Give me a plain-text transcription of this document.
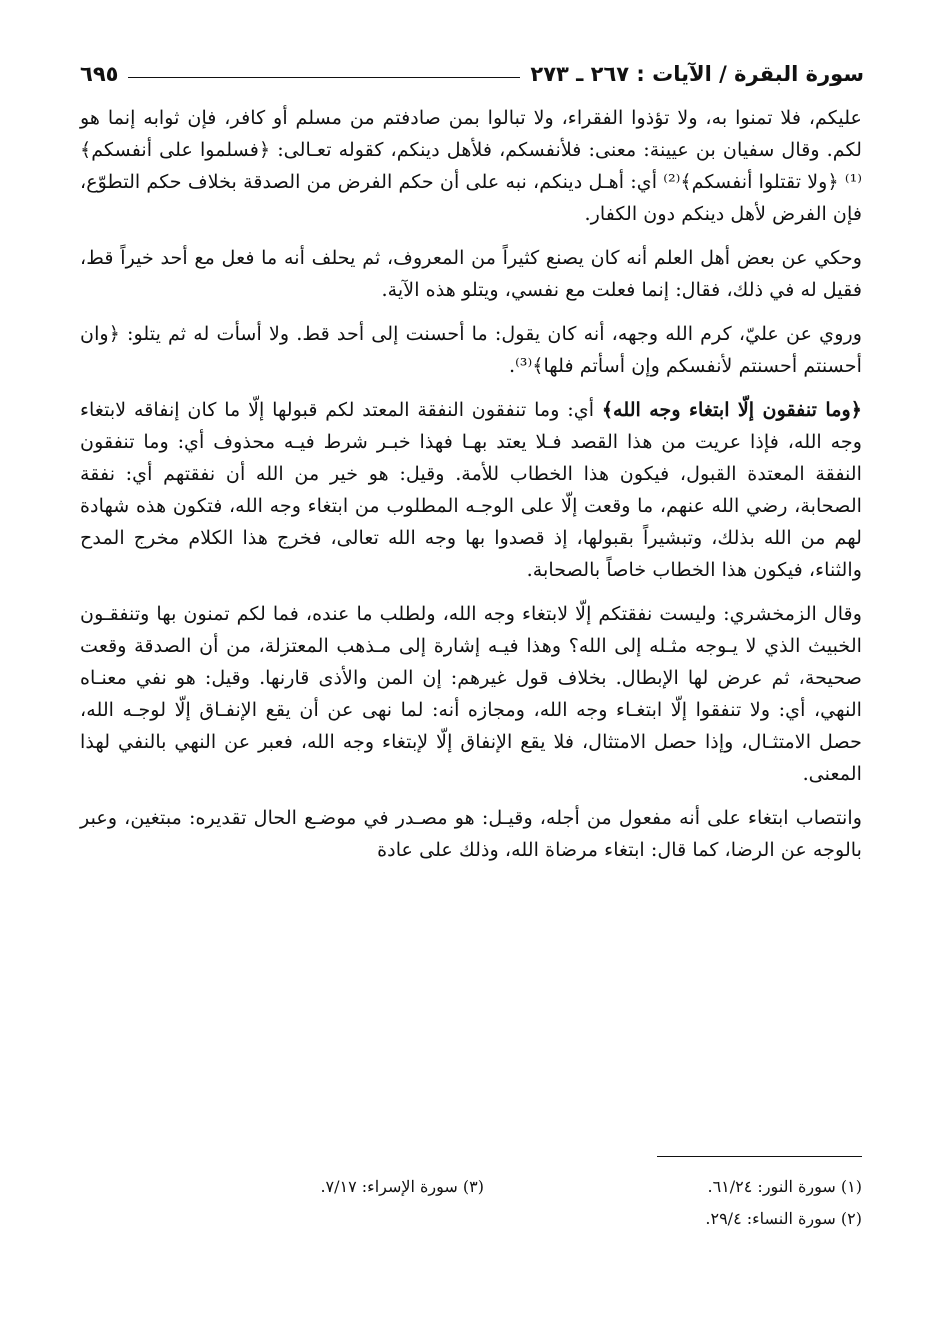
سورة البقرة / الآيات : ٢٦٧ ـ ٢٧٣
٦٩٥

عليكم، فلا تمنوا به، ولا تؤذوا الفقراء، ولا تبالوا بمن صادفتم من مسلم أو كافر، فإن ثوابه إنما هو لكم. وقال سفيان بن عيينة: معنى: فلأنفسكم، فلأهل دينكم، كقوله تعـالى: ﴿فسلموا على أنفسكم﴾⁽¹⁾ ﴿ولا تقتلوا أنفسكم﴾⁽²⁾ أي: أهـل دينكم، نبه على أن حكم الفرض من الصدقة بخلاف حكم التطوّع، فإن الفرض لأهل دينكم دون الكفار.

وحكي عن بعض أهل العلم أنه كان يصنع كثيراً من المعروف، ثم يحلف أنه ما فعل مع أحد خيراً قط، فقيل له في ذلك، فقال: إنما فعلت مع نفسي، ويتلو هذه الآية.

وروي عن عليّ، كرم الله وجهه، أنه كان يقول: ما أحسنت إلى أحد قط. ولا أسأت له ثم يتلو: ﴿وان أحسنتم أحسنتم لأنفسكم وإن أسأتم فلها﴾⁽³⁾.

﴿وما تنفقون إلّا ابتغاء وجه الله﴾ أي: وما تنفقون النفقة المعتد لكم قبولها إلّا ما كان إنفاقه لابتغاء وجه الله، فإذا عريت من هذا القصد فـلا يعتد بهـا فهذا خبـر شرط فيـه محذوف أي: وما تنفقون النفقة المعتدة القبول، فيكون هذا الخطاب للأمة. وقيل: هو خير من الله أن نفقتهم أي: نفقة الصحابة، رضي الله عنهم، ما وقعت إلّا على الوجـه المطلوب من ابتغاء وجه الله، فتكون هذه شهادة لهم من الله بذلك، وتبشيراً بقبولها، إذ قصدوا بها وجه الله تعالى، فخرج هذا الكلام مخرج المدح والثناء، فيكون هذا الخطاب خاصاً بالصحابة.

وقال الزمخشري: وليست نفقتكم إلّا لابتغاء وجه الله، ولطلب ما عنده، فما لكم تمنون بها وتنفقـون الخبيث الذي لا يـوجه مثـله إلى الله؟ وهذا فيـه إشارة إلى مـذهب المعتزلة، من أن الصدقة وقعت صحيحة، ثم عرض لها الإبطال. بخلاف قول غيرهم: إن المن والأذى قارنها. وقيل: هو نفي معنـاه النهي، أي: ولا تنفقوا إلّا ابتغـاء وجه الله، ومجازه أنه: لما نهى عن أن يقع الإنفـاق إلّا لوجـه الله، حصل الامتثـال، وإذا حصل الامتثال، فلا يقع الإنفاق إلّا لإبتغاء وجه الله، فعبر عن النهي بالنفي لهذا المعنى.

وانتصاب ابتغاء على أنه مفعول من أجله، وقيـل: هو مصـدر في موضـع الحال تقديره: مبتغين، وعبر بالوجه عن الرضا، كما قال: ابتغاء مرضاة الله، وذلك على عادة

(١) سورة النور: ٦١/٢٤.
(٢) سورة النساء: ٢٩/٤.
(٣) سورة الإسراء: ٧/١٧.
